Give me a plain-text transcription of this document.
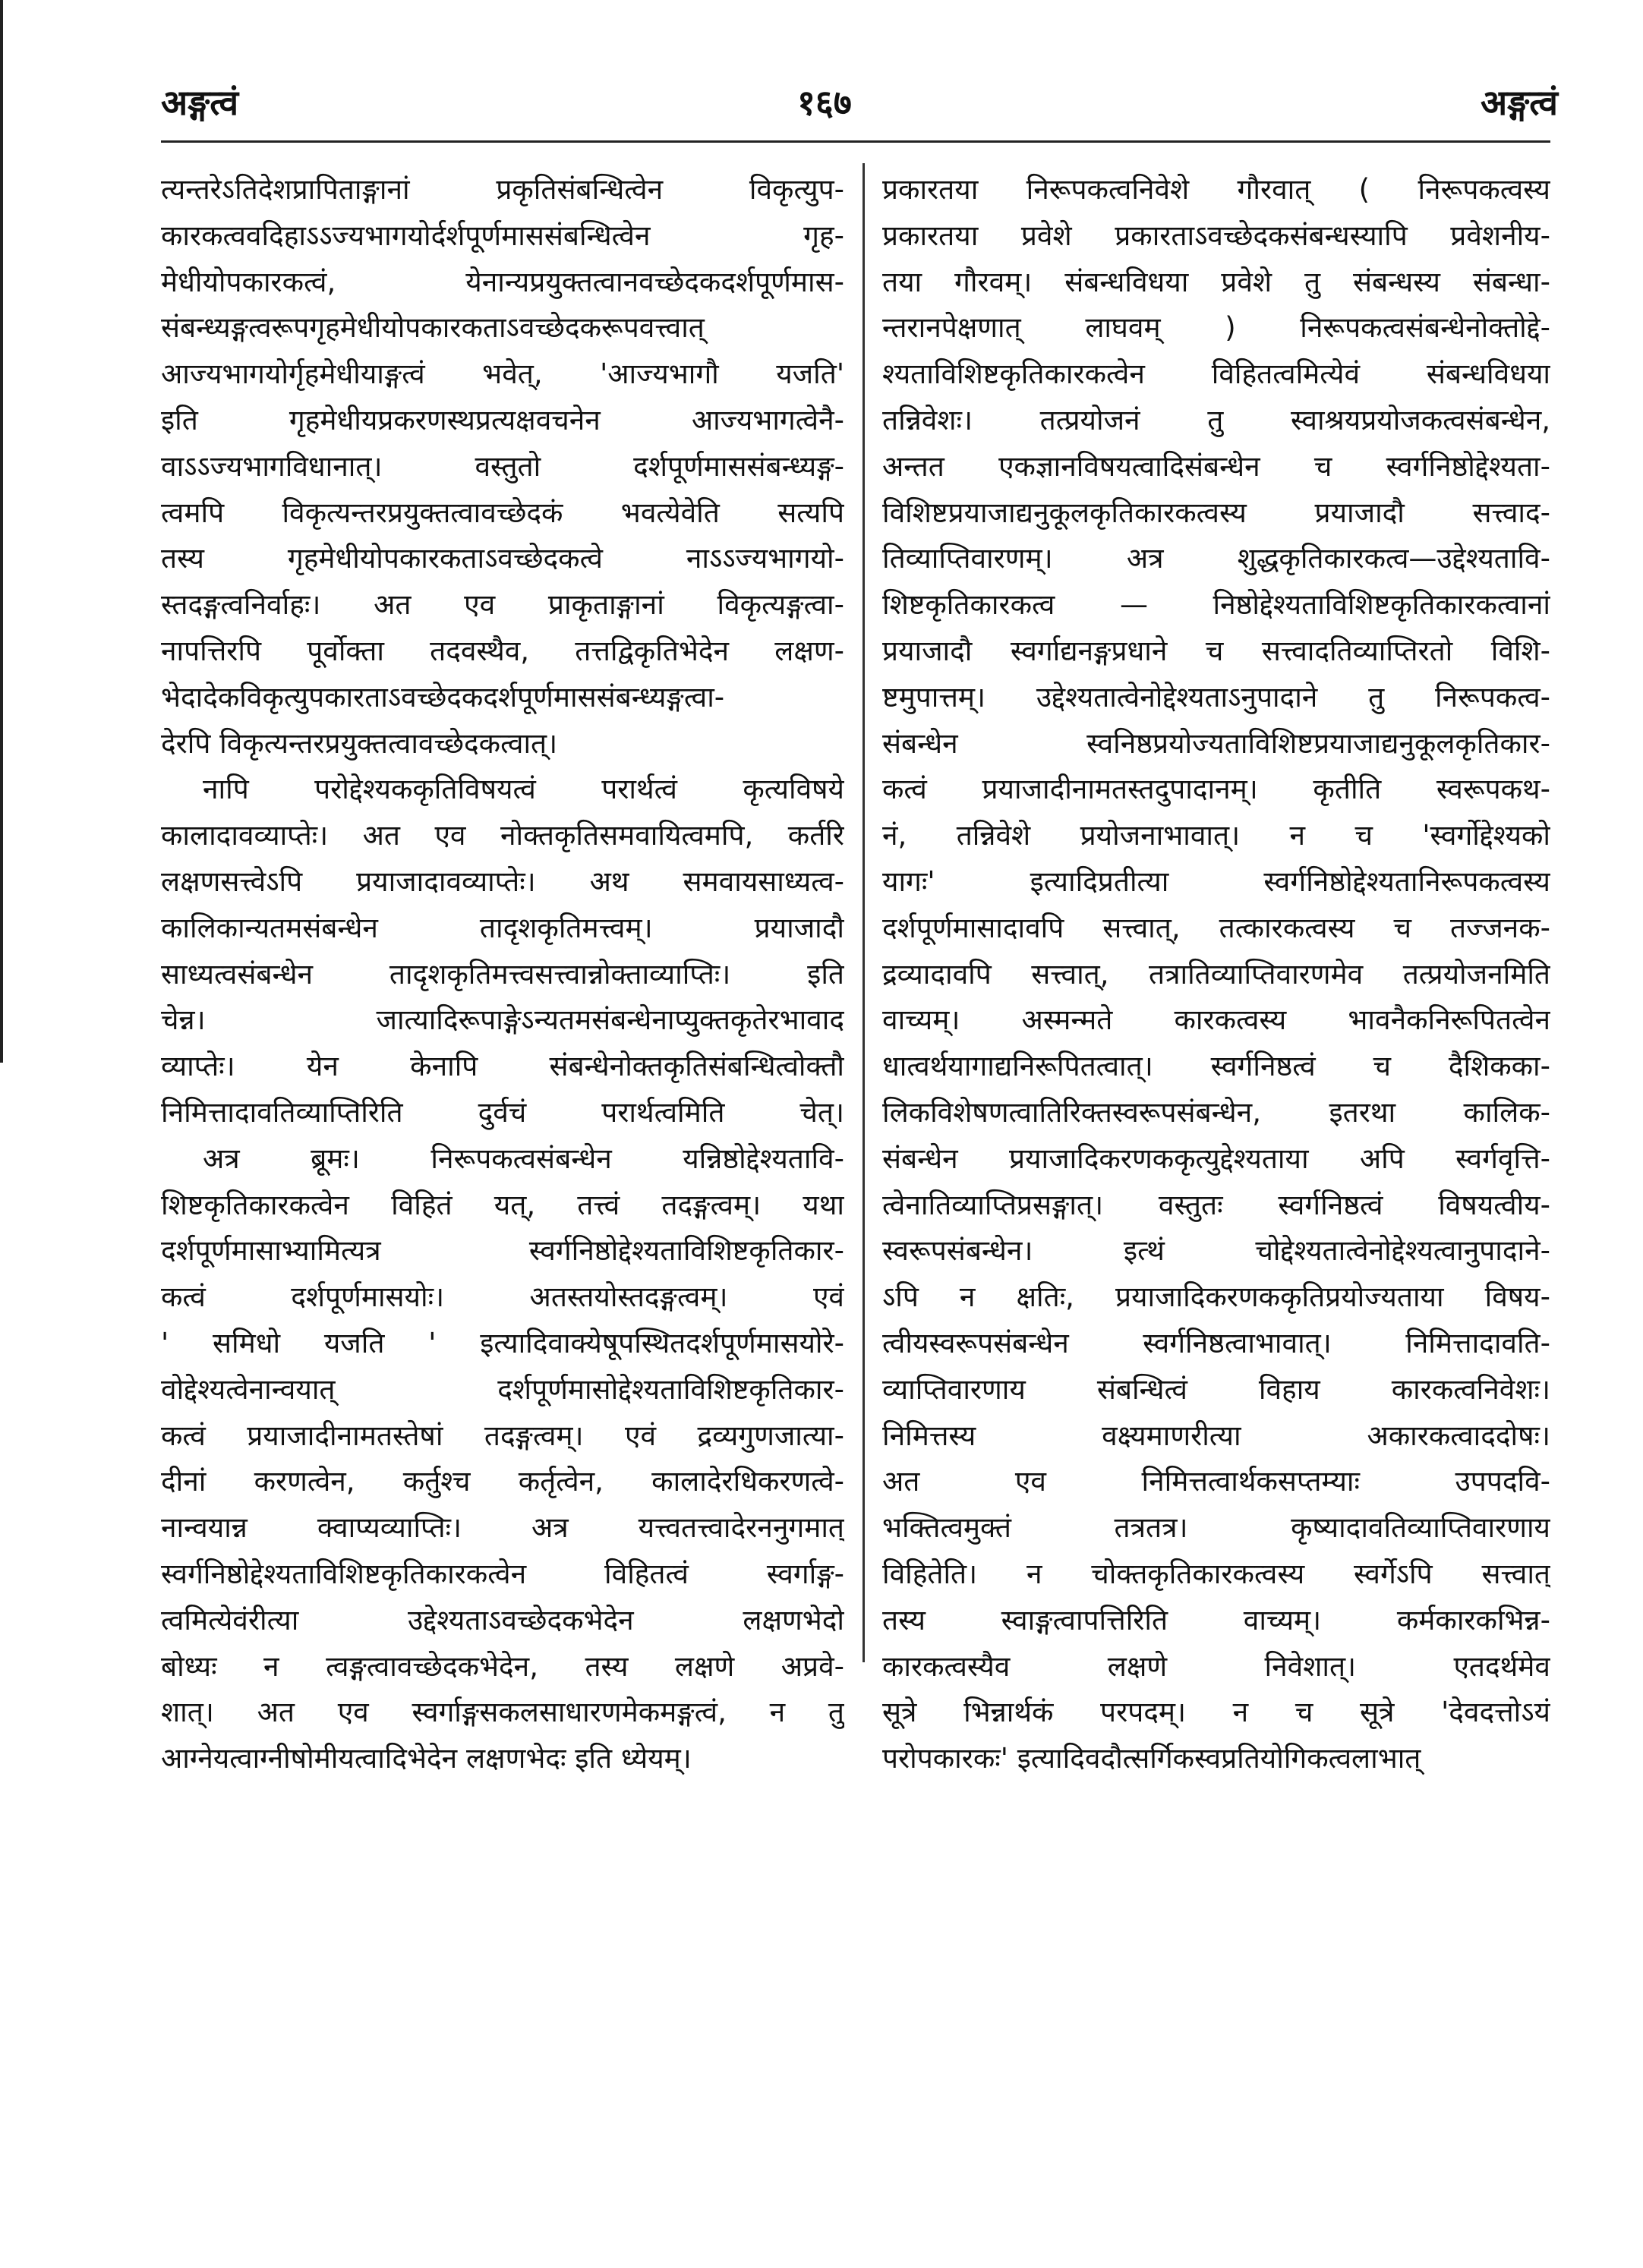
अङ्गत्वं	१६७	अङ्गत्वं
त्यन्तरेऽतिदेशप्रापिताङ्गानां प्रकृतिसंबन्धित्वेन विकृत्युप-
कारकत्ववदिहाऽऽज्यभागयोर्दर्शपूर्णमाससंबन्धित्वेन गृह-
मेधीयोपकारकत्वं, येनान्यप्रयुक्तत्वानवच्छेदकदर्शपूर्णमास-
संबन्ध्यङ्गत्वरूपगृहमेधीयोपकारकताऽवच्छेदकरूपवत्त्वात्
आज्यभागयोर्गृहमेधीयाङ्गत्वं भवेत्, 'आज्यभागौ यजति'
इति गृहमेधीयप्रकरणस्थप्रत्यक्षवचनेन आज्यभागत्वेनै-
वाऽऽज्यभागविधानात्। वस्तुतो दर्शपूर्णमाससंबन्ध्यङ्ग-
त्वमपि विकृत्यन्तरप्रयुक्तत्वावच्छेदकं भवत्येवेति सत्यपि
तस्य गृहमेधीयोपकारकताऽवच्छेदकत्वे नाऽऽज्यभागयो-
स्तदङ्गत्वनिर्वाहः। अत एव प्राकृताङ्गानां विकृत्यङ्गत्वा-
नापत्तिरपि पूर्वोक्ता तदवस्थैव, तत्तद्विकृतिभेदेन लक्षण-
भेदादेकविकृत्युपकारताऽवच्छेदकदर्शपूर्णमाससंबन्ध्यङ्गत्वा-
देरपि विकृत्यन्तरप्रयुक्तत्वावच्छेदकत्वात्।
नापि परोद्देश्यककृतिविषयत्वं परार्थत्वं कृत्यविषये
कालादावव्याप्तेः। अत एव नोक्तकृतिसमवायित्वमपि, कर्तरि
लक्षणसत्त्वेऽपि प्रयाजादावव्याप्तेः। अथ समवायसाध्यत्व-
कालिकान्यतमसंबन्धेन तादृशकृतिमत्त्वम्। प्रयाजादौ
साध्यत्वसंबन्धेन तादृशकृतिमत्त्वसत्त्वान्नोक्ताव्याप्तिः। इति
चेन्न। जात्यादिरूपाङ्गेऽन्यतमसंबन्धेनाप्युक्तकृतेरभावाद
व्याप्तेः। येन केनापि संबन्धेनोक्तकृतिसंबन्धित्वोक्तौ
निमित्तादावतिव्याप्तिरिति दुर्वचं परार्थत्वमिति चेत्।
अत्र ब्रूमः। निरूपकत्वसंबन्धेन यन्निष्ठोद्देश्यतावि-
शिष्टकृतिकारकत्वेन विहितं यत्, तत्त्वं तदङ्गत्वम्। यथा
दर्शपूर्णमासाभ्यामित्यत्र स्वर्गनिष्ठोद्देश्यताविशिष्टकृतिकार-
कत्वं दर्शपूर्णमासयोः। अतस्तयोस्तदङ्गत्वम्। एवं
' समिधो यजति ' इत्यादिवाक्येषूपस्थितदर्शपूर्णमासयोरे-
वोद्देश्यत्वेनान्वयात् दर्शपूर्णमासोद्देश्यताविशिष्टकृतिकार-
कत्वं प्रयाजादीनामतस्तेषां तदङ्गत्वम्। एवं द्रव्यगुणजात्या-
दीनां करणत्वेन, कर्तुश्च कर्तृत्वेन, कालादेरधिकरणत्वे-
नान्वयान्न क्वाप्यव्याप्तिः। अत्र यत्त्वतत्त्वादेरननुगमात्
स्वर्गनिष्ठोद्देश्यताविशिष्टकृतिकारकत्वेन विहितत्वं स्वर्गाङ्ग-
त्वमित्येवंरीत्या उद्देश्यताऽवच्छेदकभेदेन लक्षणभेदो
बोध्यः न त्वङ्गत्वावच्छेदकभेदेन, तस्य लक्षणे अप्रवे-
शात्। अत एव स्वर्गाङ्गसकलसाधारणमेकमङ्गत्वं, न तु
आग्नेयत्वाग्नीषोमीयत्वादिभेदेन लक्षणभेदः इति ध्येयम्।
प्रकारतया निरूपकत्वनिवेशे गौरवात् ( निरूपकत्वस्य
प्रकारतया प्रवेशे प्रकारताऽवच्छेदकसंबन्धस्यापि प्रवेशनीय-
तया गौरवम्। संबन्धविधया प्रवेशे तु संबन्धस्य संबन्धा-
न्तरानपेक्षणात् लाघवम् ) निरूपकत्वसंबन्धेनोक्तोद्दे-
श्यताविशिष्टकृतिकारकत्वेन विहितत्वमित्येवं संबन्धविधया
तन्निवेशः। तत्प्रयोजनं तु स्वाश्रयप्रयोजकत्वसंबन्धेन,
अन्तत एकज्ञानविषयत्वादिसंबन्धेन च स्वर्गनिष्ठोद्देश्यता-
विशिष्टप्रयाजाद्यनुकूलकृतिकारकत्वस्य प्रयाजादौ सत्त्वाद-
तिव्याप्तिवारणम्। अत्र शुद्धकृतिकारकत्व—उद्देश्यतावि-
शिष्टकृतिकारकत्व — निष्ठोद्देश्यताविशिष्टकृतिकारकत्वानां
प्रयाजादौ स्वर्गाद्यनङ्गप्रधाने च सत्त्वादतिव्याप्तिरतो विशि-
ष्टमुपात्तम्। उद्देश्यतात्वेनोद्देश्यताऽनुपादाने तु निरूपकत्व-
संबन्धेन स्वनिष्ठप्रयोज्यताविशिष्टप्रयाजाद्यनुकूलकृतिकार-
कत्वं प्रयाजादीनामतस्तदुपादानम्। कृतीति स्वरूपकथ-
नं, तन्निवेशे प्रयोजनाभावात्। न च 'स्वर्गोद्देश्यको
यागः' इत्यादिप्रतीत्या स्वर्गनिष्ठोद्देश्यतानिरूपकत्वस्य
दर्शपूर्णमासादावपि सत्त्वात्, तत्कारकत्वस्य च तज्जनक-
द्रव्यादावपि सत्त्वात्, तत्रातिव्याप्तिवारणमेव तत्प्रयोजनमिति
वाच्यम्। अस्मन्मते कारकत्वस्य भावनैकनिरूपितत्वेन
धात्वर्थयागाद्यनिरूपितत्वात्। स्वर्गनिष्ठत्वं च दैशिकका-
लिकविशेषणत्वातिरिक्तस्वरूपसंबन्धेन, इतरथा कालिक-
संबन्धेन प्रयाजादिकरणककृत्युद्देश्यताया अपि स्वर्गवृत्ति-
त्वेनातिव्याप्तिप्रसङ्गात्। वस्तुतः स्वर्गनिष्ठत्वं विषयत्वीय-
स्वरूपसंबन्धेन। इत्थं चोद्देश्यतात्वेनोद्देश्यत्वानुपादाने-
ऽपि न क्षतिः, प्रयाजादिकरणककृतिप्रयोज्यताया विषय-
त्वीयस्वरूपसंबन्धेन स्वर्गनिष्ठत्वाभावात्। निमित्तादावति-
व्याप्तिवारणाय संबन्धित्वं विहाय कारकत्वनिवेशः।
निमित्तस्य वक्ष्यमाणरीत्या अकारकत्वाददोषः।
अत एव निमित्तत्वार्थकसप्तम्याः उपपदवि-
भक्तित्वमुक्तं तत्रतत्र। कृष्यादावतिव्याप्तिवारणाय
विहितेति। न चोक्तकृतिकारकत्वस्य स्वर्गेऽपि सत्त्वात्
तस्य स्वाङ्गत्वापत्तिरिति वाच्यम्। कर्मकारकभिन्न-
कारकत्वस्यैव लक्षणे निवेशात्। एतदर्थमेव
सूत्रे भिन्नार्थकं परपदम्। न च सूत्रे 'देवदत्तोऽयं
परोपकारकः' इत्यादिवदौत्सर्गिकस्वप्रतियोगिकत्वलाभात्
